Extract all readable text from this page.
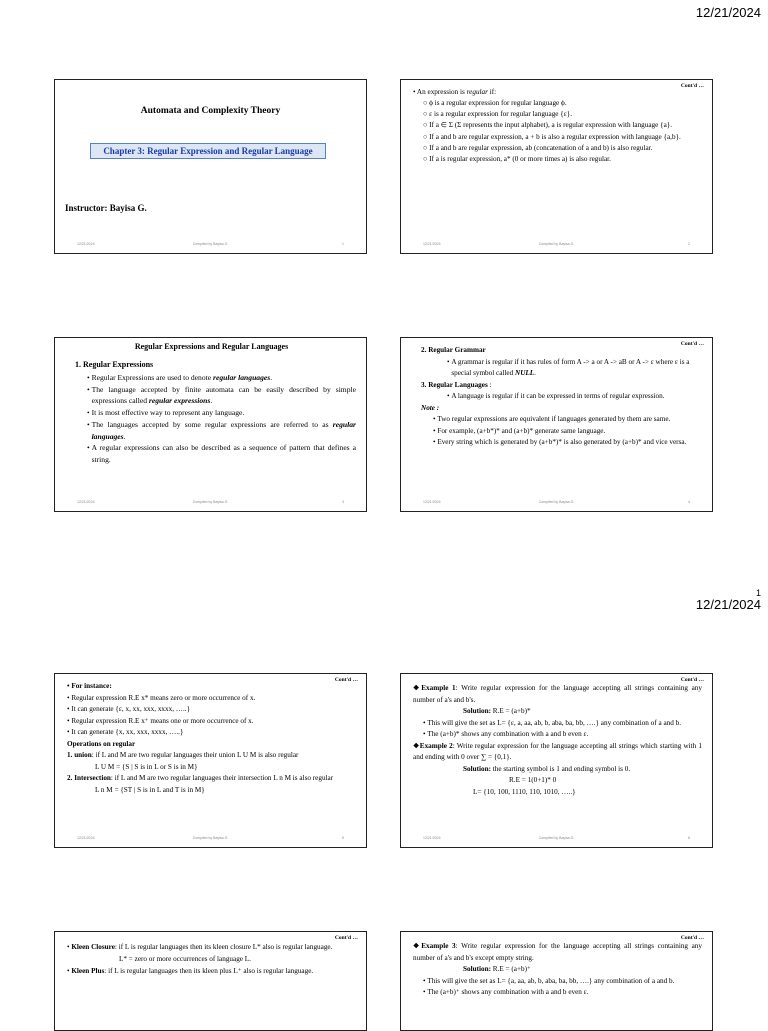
12/21/2024
1
12/21/2024
Automata and Complexity Theory
Chapter 3: Regular Expression and Regular Language
Instructor: Bayisa G.
12/21/2024	Compiled by Bayisa G.	1
Cont'd …
• An expression is regular if:
○ ϕ is a regular expression for regular language ϕ.
○ ε is a regular expression for regular language {ε}.
○ If a ∈ Σ (Σ represents the input alphabet), a is regular expression with language {a}.
○ If a and b are regular expression, a + b is also a regular expression with language {a,b}.
○ If a and b are regular expression, ab (concatenation of a and b) is also regular.
○ If a is regular expression, a* (0 or more times a) is also regular.
12/21/2024	Compiled by Bayisa G.	2
Regular Expressions and Regular Languages
1. Regular Expressions
• Regular Expressions are used to denote regular languages.
• The language accepted by finite automata can be easily described by simple expressions called regular expressions.
• It is most effective way to represent any language.
• The languages accepted by some regular expressions are referred to as regular languages.
• A regular expressions can also be described as a sequence of pattern that defines a string.
12/21/2024	Compiled by Bayisa G.	3
Cont'd …
2. Regular Grammar
• A grammar is regular if it has rules of form A -> a or A -> aB or A -> ε where ε is a special symbol called NULL.
3. Regular Languages :
• A language is regular if it can be expressed in terms of regular expression.
Note :
• Two regular expressions are equivalent if languages generated by them are same.
• For example, (a+b*)* and (a+b)* generate same language.
• Every string which is generated by (a+b*)* is also generated by (a+b)* and vice versa.
12/21/2024	Compiled by Bayisa G.	4
Cont'd …
• For instance:
• Regular expression R.E x* means zero or more occurrence of x.
• It can generate {ε, x, xx, xxx, xxxx, …..}
• Regular expression R.E x⁺ means one or more occurrence of x.
• It can generate {x, xx, xxx, xxxx, …..}
Operations on regular
1. union: if L and M are two regular languages their union L U M is also regular
L U M = {S | S is in L or S is in M}
2. Intersection: if L and M are two regular languages their intersection L n M is also regular
L n M = {ST | S is in L and T is in M}
12/21/2024	Compiled by Bayisa G.	5
Cont'd …
❖ Example 1: Write regular expression for the language accepting all strings containing any number of a's and b's.
Solution: R.E = (a+b)*
• This will give the set as L= {ε, a, aa, ab, b, aba, ba, bb, ….} any combination of a and b.
• The (a+b)* shows any combination with a and b even ε.
❖ Example 2: Write regular expression for the language accepting all strings which starting with 1 and ending with 0 over ∑ = {0,1}.
Solution: the starting symbol is 1 and ending symbol is 0.
R.E = 1(0+1)* 0
L= {10, 100, 1110, 110, 1010, …..}
12/21/2024	Compiled by Bayisa G.	6
Cont'd …
• Kleen Closure: if L is regular languages then its kleen closure L* also is regular language.
L* = zero or more occurrences of language L.
• Kleen Plus: if L is regular languages then its kleen plus L⁺ also is regular language.
Cont'd …
❖ Example 3: Write regular expression for the language accepting all strings containing any number of a's and b's except empty string.
Solution: R.E = (a+b)⁺
• This will give the set as L= {a, aa, ab, b, aba, ba, bb, ….} any combination of a and b.
• The (a+b)⁺ shows any combination with a and b even ε.
